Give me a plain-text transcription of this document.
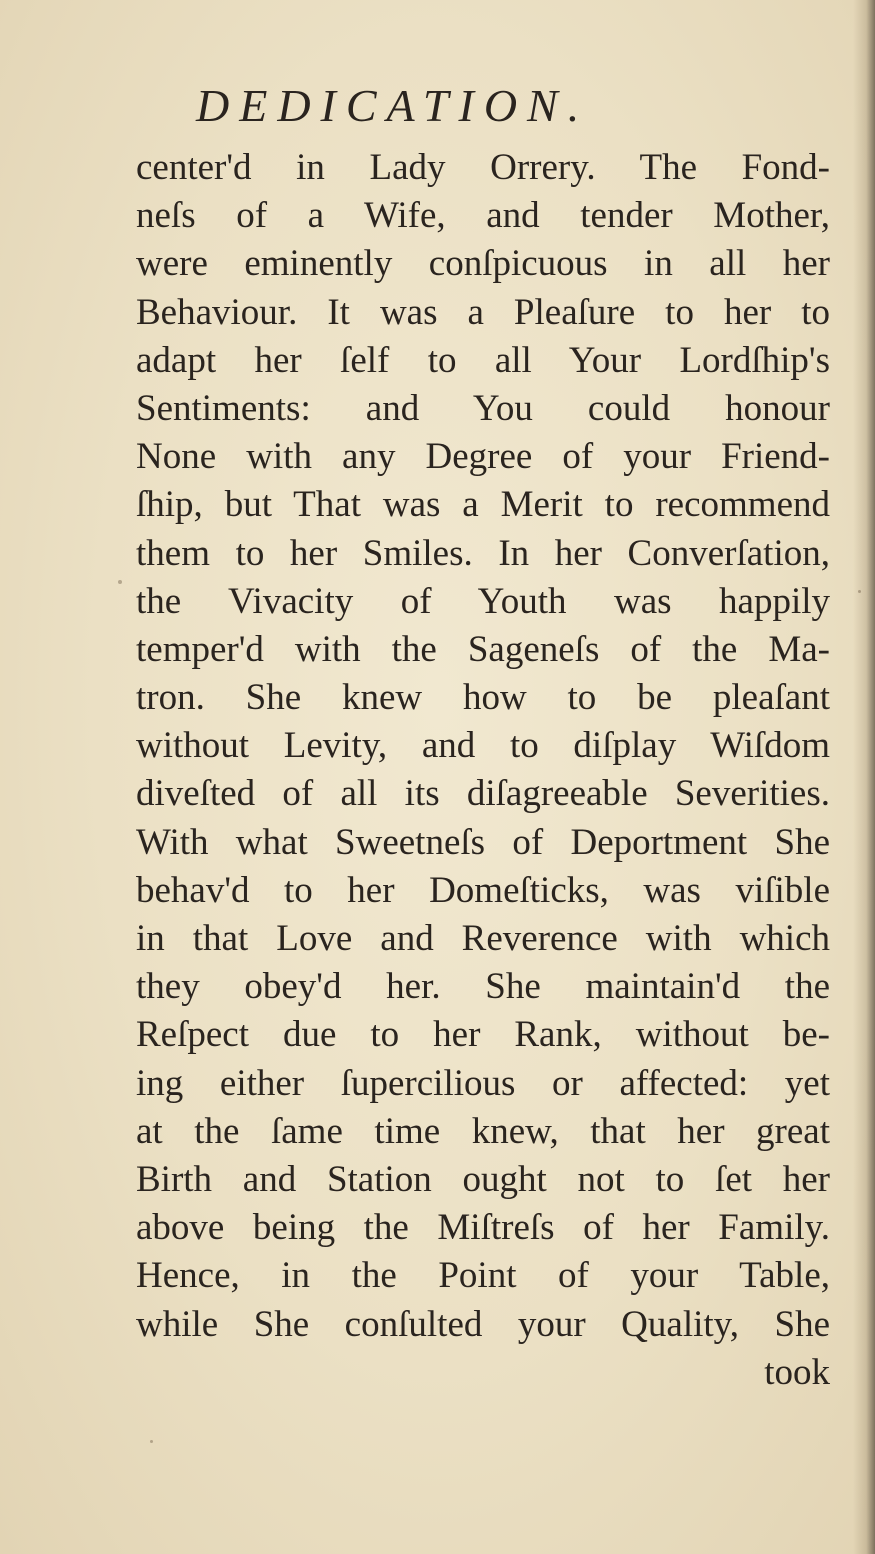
DEDICATION.
center'd in Lady Orrery. The Fond-
neſs of a Wife, and tender Mother,
were eminently conſpicuous in all her
Behaviour. It was a Pleaſure to her to
adapt her ſelf to all Your Lordſhip's
Sentiments: and You could honour
None with any Degree of your Friend-
ſhip, but That was a Merit to recommend
them to her Smiles. In her Converſation,
the Vivacity of Youth was happily
temper'd with the Sageneſs of the Ma-
tron. She knew how to be pleaſant
without Levity, and to diſplay Wiſdom
diveſted of all its diſagreeable Severities.
With what Sweetneſs of Deportment She
behav'd to her Domeſticks, was viſible
in that Love and Reverence with which
they obey'd her. She maintain'd the
Reſpect due to her Rank, without be-
ing either ſupercilious or affected: yet
at the ſame time knew, that her great
Birth and Station ought not to ſet her
above being the Miſtreſs of her Family.
Hence, in the Point of your Table,
while She conſulted your Quality, She
took
